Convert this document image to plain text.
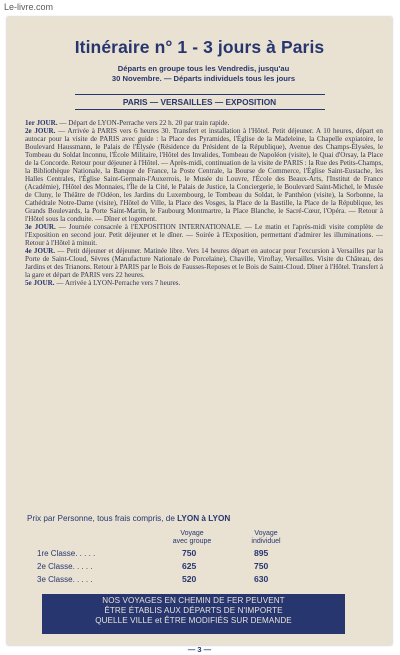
Le-livre.com
Itinéraire n° 1 - 3 jours à Paris
Départs en groupe tous les Vendredis, jusqu'au
30 Novembre. — Départs individuels tous les jours
PARIS — VERSAILLES — EXPOSITION

1er JOUR. — Départ de LYON-Perrache vers 22 h. 20 par train rapide.

2e JOUR. — Arrivée à PARIS vers 6 heures 30. Transfert et installation à l'Hôtel. Petit déjeuner. A 10 heures, départ en autocar pour la visite de PARIS avec guide : la Place des Pyramides, l'Église de la Madeleine, la Chapelle expiatoire, le Boulevard Haussmann, le Palais de l'Élysée (Résidence du Président de la République), Avenue des Champs-Élysées, le Tombeau du Soldat Inconnu, l'École Militaire, l'Hôtel des Invalides, Tombeau de Napoléon (visite), le Quai d'Orsay, la Place de la Concorde. Retour pour déjeuner à l'Hôtel. — Après-midi, continuation de la visite de PARIS : la Rue des Petits-Champs, la Bibliothèque Nationale, la Banque de France, la Poste Centrale, la Bourse de Commerce, l'Église Saint-Eustache, les Halles Centrales, l'Église Saint-Germain-l'Auxerrois, le Musée du Louvre, l'École des Beaux-Arts, l'Institut de France (Académie), l'Hôtel des Monnaies, l'Île de la Cité, le Palais de Justice, la Conciergerie, le Boulevard Saint-Michel, le Musée de Cluny, le Théâtre de l'Odéon, les Jardins du Luxembourg, le Tombeau du Soldat, le Panthéon (visite), la Sorbonne, la Cathédrale Notre-Dame (visite), l'Hôtel de Ville, la Place des Vosges, la Place de la Bastille, la Place de la République, les Grands Boulevards, la Porte Saint-Martin, le Faubourg Montmartre, la Place Blanche, le Sacré-Cœur, l'Opéra. — Retour à l'Hôtel sous la conduite. — Dîner et logement.

3e JOUR. — Journée consacrée à l'EXPOSITION INTERNATIONALE. — Le matin et l'après-midi visite complète de l'Exposition en second jour. Petit déjeuner et le dîner. — Soirée à l'Exposition, permettant d'admirer les illuminations. — Retour à l'Hôtel à minuit.

4e JOUR. — Petit déjeuner et déjeuner. Matinée libre. Vers 14 heures départ en autocar pour l'excursion à Versailles par la Porte de Saint-Cloud, Sèvres (Manufacture Nationale de Porcelaine), Chaville, Viroflay, Versailles. Visite du Château, des Jardins et des Trianons. Retour à PARIS par le Bois de Fausses-Reposes et le Bois de Saint-Cloud. Dîner à l'Hôtel. Transfert à la gare et départ de PARIS vers 22 heures.

5e JOUR. — Arrivée à LYON-Perrache vers 7 heures.

Prix par Personne, tous frais compris, de LYON à LYON
Voyage
avec groupe
Voyage
individuel
1re Classe. . . . .	750	895
2e Classe. . . . .	625	750
3e Classe. . . . .	520	630
NOS VOYAGES EN CHEMIN DE FER PEUVENT
ÊTRE ÉTABLIS AUX DÉPARTS DE N'IMPORTE
QUELLE VILLE et ÊTRE MODIFIÉS SUR DEMANDE
— 3 —
